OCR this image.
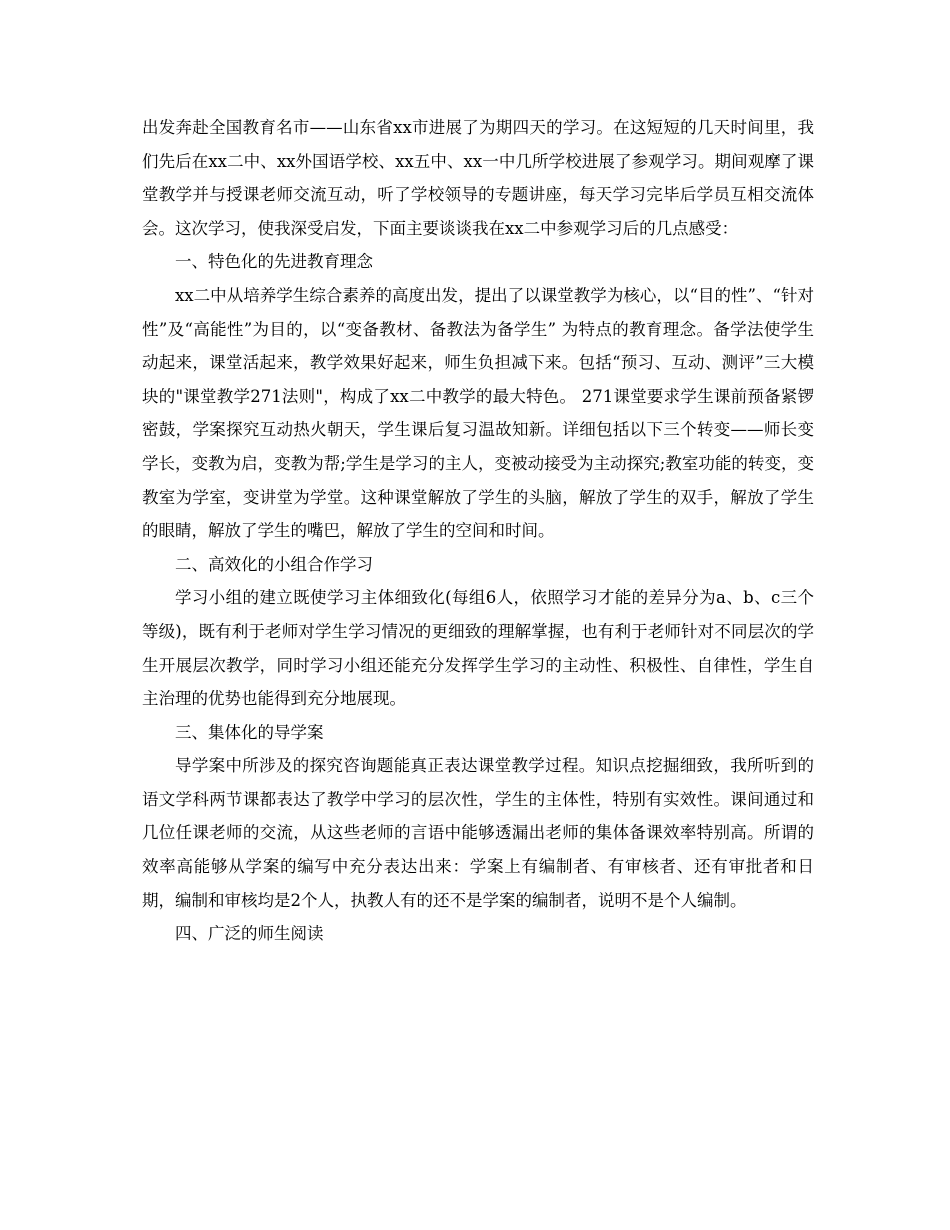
出发奔赴全国教育名市——山东省xx市进展了为期四天的学习。在这短短的几天时间里，我们先后在xx二中、xx外国语学校、xx五中、xx一中几所学校进展了参观学习。期间观摩了课堂教学并与授课老师交流互动，听了学校领导的专题讲座，每天学习完毕后学员互相交流体会。这次学习，使我深受启发，下面主要谈谈我在xx二中参观学习后的几点感受：

一、特色化的先进教育理念

xx二中从培养学生综合素养的高度出发，提出了以课堂教学为核心，以“目的性”、“针对性”及“高能性”为目的，以“变备教材、备教法为备学生” 为特点的教育理念。备学法使学生动起来，课堂活起来，教学效果好起来，师生负担减下来。包括“预习、互动、测评”三大模块的"课堂教学271法则"，构成了xx二中教学的最大特色。 271课堂要求学生课前预备紧锣密鼓，学案探究互动热火朝天，学生课后复习温故知新。详细包括以下三个转变——师长变学长，变教为启，变教为帮;学生是学习的主人，变被动接受为主动探究;教室功能的转变，变教室为学室，变讲堂为学堂。这种课堂解放了学生的头脑，解放了学生的双手，解放了学生的眼睛，解放了学生的嘴巴，解放了学生的空间和时间。

二、高效化的小组合作学习

学习小组的建立既使学习主体细致化(每组6人，依照学习才能的差异分为a、b、c三个等级)，既有利于老师对学生学习情况的更细致的理解掌握，也有利于老师针对不同层次的学生开展层次教学，同时学习小组还能充分发挥学生学习的主动性、积极性、自律性，学生自主治理的优势也能得到充分地展现。

三、集体化的导学案

导学案中所涉及的探究咨询题能真正表达课堂教学过程。知识点挖掘细致，我所听到的语文学科两节课都表达了教学中学习的层次性，学生的主体性，特别有实效性。课间通过和几位任课老师的交流，从这些老师的言语中能够透漏出老师的集体备课效率特别高。所谓的效率高能够从学案的编写中充分表达出来：学案上有编制者、有审核者、还有审批者和日期，编制和审核均是2个人，执教人有的还不是学案的编制者，说明不是个人编制。

四、广泛的师生阅读
